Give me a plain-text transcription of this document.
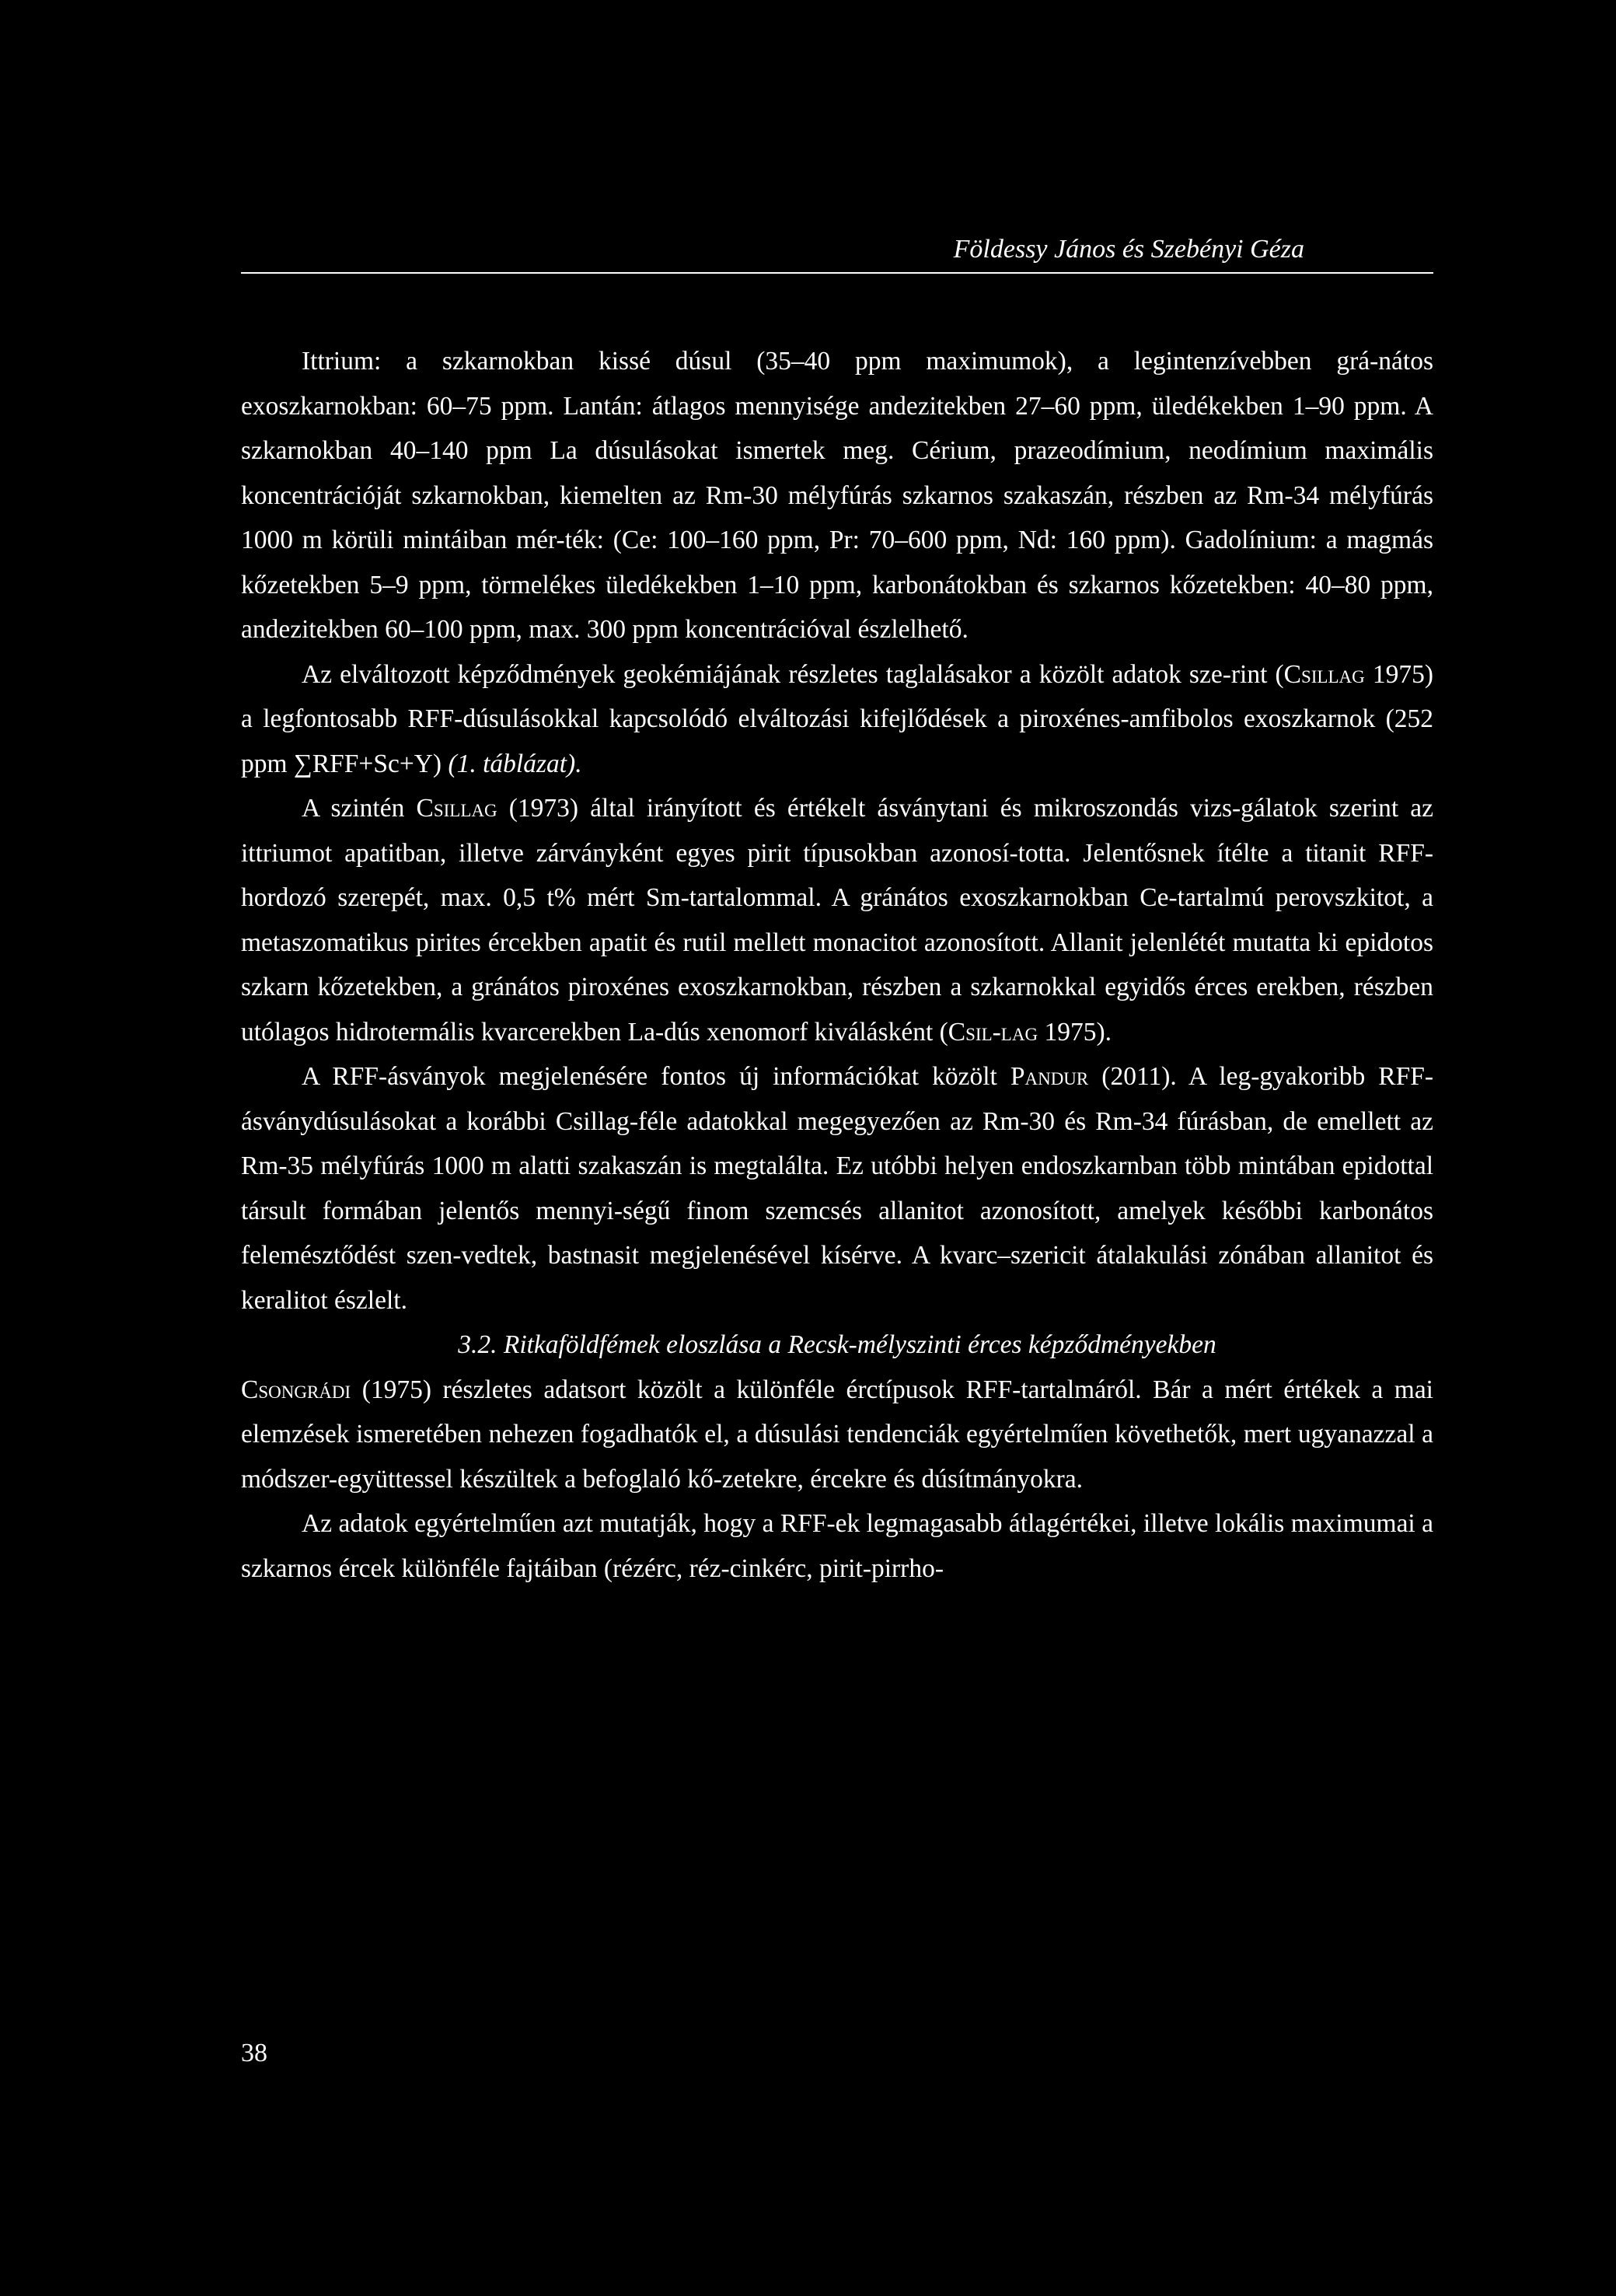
Földessy János és Szebényi Géza

Ittrium: a szkarnokban kissé dúsul (35–40 ppm maximumok), a legintenzívebben grá-nátos exoszkarnokban: 60–75 ppm. Lantán: átlagos mennyisége andezitekben 27–60 ppm, üledékekben 1–90 ppm. A szkarnokban 40–140 ppm La dúsulásokat ismertek meg. Cérium, prazeodímium, neodímium maximális koncentrációját szkarnokban, kiemelten az Rm-30 mélyfúrás szkarnos szakaszán, részben az Rm-34 mélyfúrás 1000 m körüli mintáiban mér-ték: (Ce: 100–160 ppm, Pr: 70–600 ppm, Nd: 160 ppm). Gadolínium: a magmás kőzetekben 5–9 ppm, törmelékes üledékekben 1–10 ppm, karbonátokban és szkarnos kőzetekben: 40–80 ppm, andezitekben 60–100 ppm, max. 300 ppm koncentrációval észlelhető.

Az elváltozott képződmények geokémiájának részletes taglalásakor a közölt adatok sze-rint (Csillag 1975) a legfontosabb RFF-dúsulásokkal kapcsolódó elváltozási kifejlődések a piroxénes-amfibolos exoszkarnok (252 ppm ∑RFF+Sc+Y) (1. táblázat).

A szintén Csillag (1973) által irányított és értékelt ásványtani és mikroszondás vizs-gálatok szerint az ittriumot apatitban, illetve zárványként egyes pirit típusokban azonosí-totta. Jelentősnek ítélte a titanit RFF-hordozó szerepét, max. 0,5 t% mért Sm-tartalommal. A gránátos exoszkarnokban Ce-tartalmú perovszkitot, a metaszomatikus pirites ércekben apatit és rutil mellett monacitot azonosított. Allanit jelenlétét mutatta ki epidotos szkarn kőzetekben, a gránátos piroxénes exoszkarnokban, részben a szkarnokkal egyidős érces erekben, részben utólagos hidrotermális kvarcerekben La-dús xenomorf kiválásként (Csil-lag 1975).

A RFF-ásványok megjelenésére fontos új információkat közölt Pandur (2011). A leg-gyakoribb RFF-ásványdúsulásokat a korábbi Csillag-féle adatokkal megegyezően az Rm-30 és Rm-34 fúrásban, de emellett az Rm-35 mélyfúrás 1000 m alatti szakaszán is megtalálta. Ez utóbbi helyen endoszkarnban több mintában epidottal társult formában jelentős mennyi-ségű finom szemcsés allanitot azonosított, amelyek későbbi karbonátos felemésztődést szen-vedtek, bastnasit megjelenésével kísérve. A kvarc–szericit átalakulási zónában allanitot és keralitot észlelt.

3.2. Ritkaföldfémek eloszlása a Recsk-mélyszinti érces képződményekben

Csongrádi (1975) részletes adatsort közölt a különféle érctípusok RFF-tartalmáról. Bár a mért értékek a mai elemzések ismeretében nehezen fogadhatók el, a dúsulási tendenciák egyértelműen követhetők, mert ugyanazzal a módszer-együttessel készültek a befoglaló kő-zetekre, ércekre és dúsítmányokra.

Az adatok egyértelműen azt mutatják, hogy a RFF-ek legmagasabb átlagértékei, illetve lokális maximumai a szkarnos ércek különféle fajtáiban (rézérc, réz-cinkérc, pirit-pirrho-

38
